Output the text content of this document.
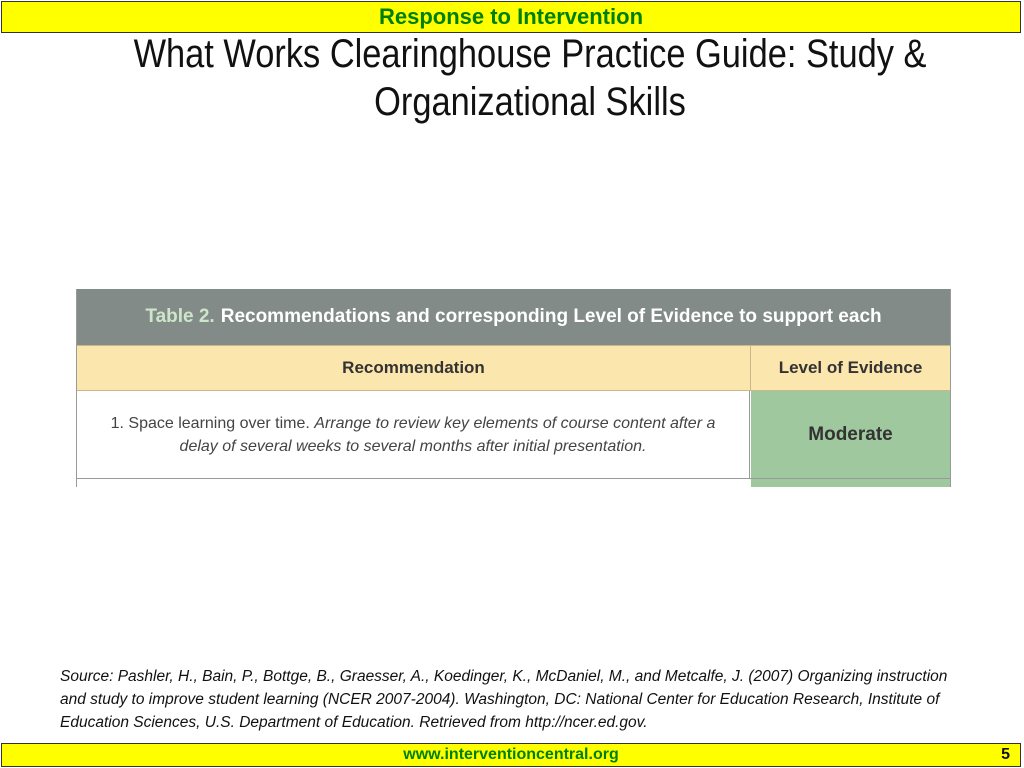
Response to Intervention
What Works Clearinghouse Practice Guide: Study & Organizational Skills
Table 2. Recommendations and corresponding Level of Evidence to support each
Recommendation	Level of Evidence
1. Space learning over time. Arrange to review key elements of course content after a delay of several weeks to several months after initial presentation.
Moderate
Source: Pashler, H., Bain, P., Bottge, B., Graesser, A., Koedinger, K., McDaniel, M., and Metcalfe, J. (2007) Organizing instruction and study to improve student learning (NCER 2007-2004). Washington, DC: National Center for Education Research, Institute of Education Sciences, U.S. Department of Education. Retrieved from http://ncer.ed.gov.
www.interventioncentral.org	5
